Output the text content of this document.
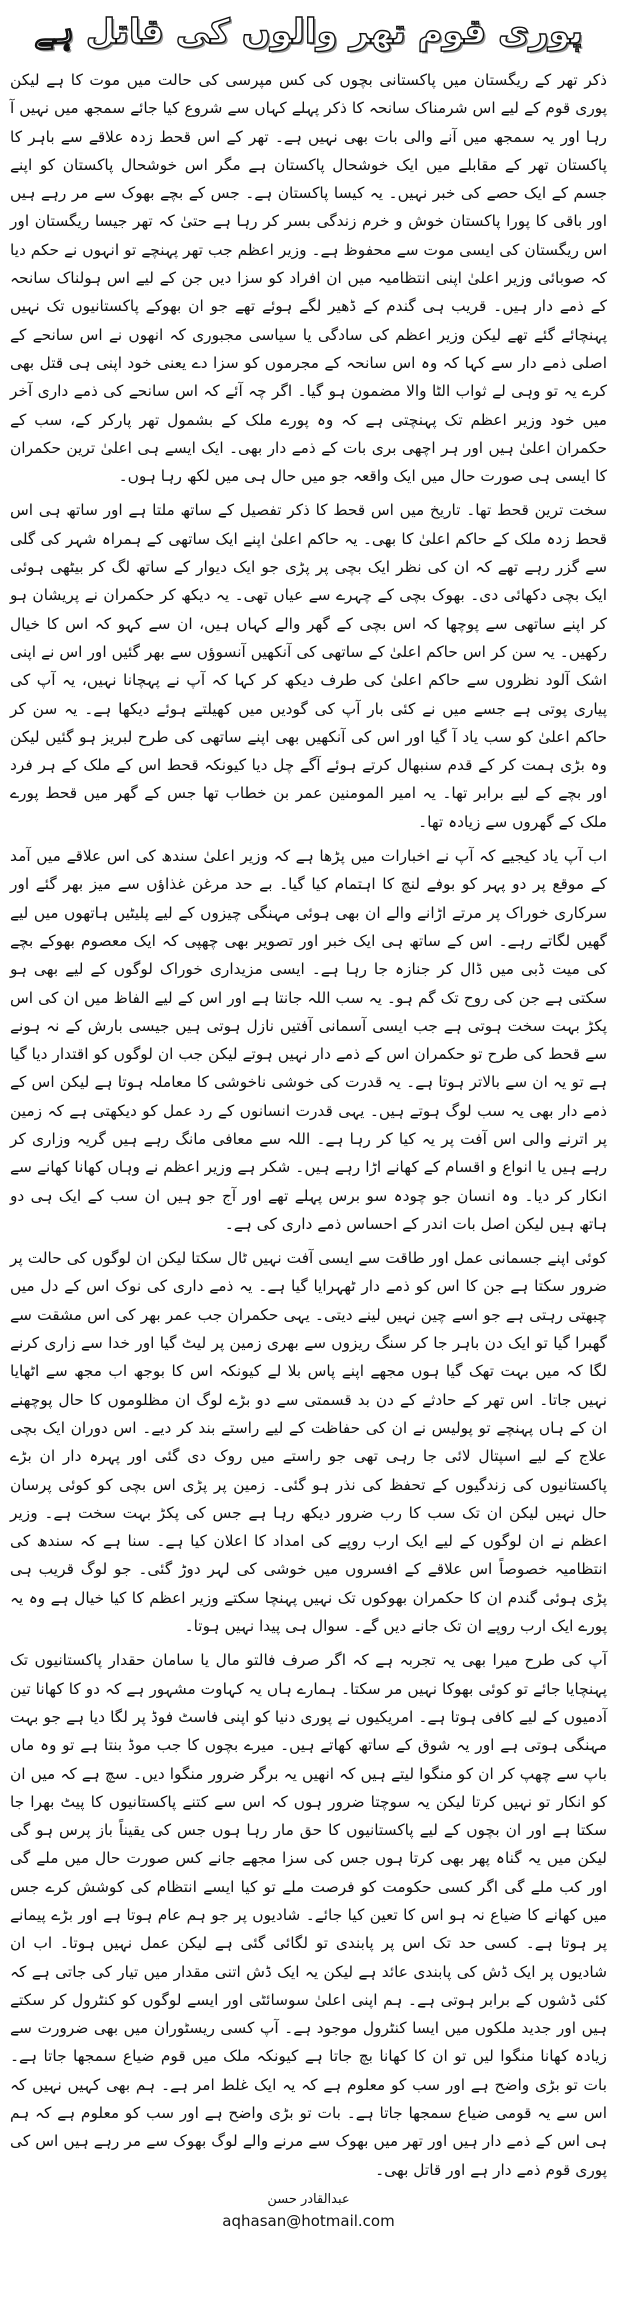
پوری قوم تھر والوں کی قاتل ہے

ذکر تھر کے ریگستان میں پاکستانی بچوں کی کس مپرسی کی حالت میں موت کا ہے لیکن پوری قوم کے لیے اس شرمناک سانحہ کا ذکر پہلے کہاں سے شروع کیا جائے سمجھ میں نہیں آ رہا اور یہ سمجھ میں آنے والی بات بھی نہیں ہے۔ تھر کے اس قحط زدہ علاقے سے باہر کا پاکستان تھر کے مقابلے میں ایک خوشحال پاکستان ہے مگر اس خوشحال پاکستان کو اپنے جسم کے ایک حصے کی خبر نہیں۔ یہ کیسا پاکستان ہے۔ جس کے بچے بھوک سے مر رہے ہیں اور باقی کا پورا پاکستان خوش و خرم زندگی بسر کر رہا ہے حتیٰ کہ تھر جیسا ریگستان اور اس ریگستان کی ایسی موت سے محفوظ ہے۔ وزیر اعظم جب تھر پہنچے تو انہوں نے حکم دیا کہ صوبائی وزیر اعلیٰ اپنی انتظامیہ میں ان افراد کو سزا دیں جن کے لیے اس ہولناک سانحہ کے ذمے دار ہیں۔ قریب ہی گندم کے ڈھیر لگے ہوئے تھے جو ان بھوکے پاکستانیوں تک نہیں پہنچائے گئے تھے لیکن وزیر اعظم کی سادگی یا سیاسی مجبوری کہ انھوں نے اس سانحے کے اصلی ذمے دار سے کہا کہ وہ اس سانحہ کے مجرموں کو سزا دے یعنی خود اپنی ہی قتل بھی کرے یہ تو وہی لے ثواب الٹا والا مضمون ہو گیا۔ اگر چہ آئے کہ اس سانحے کی ذمے داری آخر میں خود وزیر اعظم تک پہنچتی ہے کہ وہ پورے ملک کے بشمول تھر پارکر کے، سب کے حکمران اعلیٰ ہیں اور ہر اچھی بری بات کے ذمے دار بھی۔ ایک ایسے ہی اعلیٰ ترین حکمران کا ایسی ہی صورت حال میں ایک واقعہ جو میں حال ہی میں لکھ رہا ہوں۔

سخت ترین قحط تھا۔ تاریخ میں اس قحط کا ذکر تفصیل کے ساتھ ملتا ہے اور ساتھ ہی اس قحط زدہ ملک کے حاکم اعلیٰ کا بھی۔ یہ حاکم اعلیٰ اپنے ایک ساتھی کے ہمراہ شہر کی گلی سے گزر رہے تھے کہ ان کی نظر ایک بچی پر پڑی جو ایک دیوار کے ساتھ لگ کر بیٹھی ہوئی ایک بچی دکھائی دی۔ بھوک بچی کے چہرے سے عیاں تھی۔ یہ دیکھ کر حکمران نے پریشان ہو کر اپنے ساتھی سے پوچھا کہ اس بچی کے گھر والے کہاں ہیں، ان سے کہو کہ اس کا خیال رکھیں۔ یہ سن کر اس حاکم اعلیٰ کے ساتھی کی آنکھیں آنسوؤں سے بھر گئیں اور اس نے اپنی اشک آلود نظروں سے حاکم اعلیٰ کی طرف دیکھ کر کہا کہ آپ نے پہچانا نہیں، یہ آپ کی پیاری پوتی ہے جسے میں نے کئی بار آپ کی گودیں میں کھیلتے ہوئے دیکھا ہے۔ یہ سن کر حاکم اعلیٰ کو سب یاد آ گیا اور اس کی آنکھیں بھی اپنے ساتھی کی طرح لبریز ہو گئیں لیکن وہ بڑی ہمت کر کے قدم سنبھال کرتے ہوئے آگے چل دیا کیونکہ قحط اس کے ملک کے ہر فرد اور بچے کے لیے برابر تھا۔ یہ امیر المومنین عمر بن خطاب تھا جس کے گھر میں قحط پورے ملک کے گھروں سے زیادہ تھا۔

اب آپ یاد کیجیے کہ آپ نے اخبارات میں پڑھا ہے کہ وزیر اعلیٰ سندھ کی اس علاقے میں آمد کے موقع پر دو پہر کو بوفے لنچ کا اہتمام کیا گیا۔ بے حد مرغن غذاؤں سے میز بھر گئے اور سرکاری خوراک پر مرتے اڑانے والے ان بھی ہوئی مہنگی چیزوں کے لیے پلیٹیں ہاتھوں میں لیے گھیں لگاتے رہے۔ اس کے ساتھ ہی ایک خبر اور تصویر بھی چھپی کہ ایک معصوم بھوکے بچے کی میت ڈبی میں ڈال کر جنازہ جا رہا ہے۔ ایسی مزیداری خوراک لوگوں کے لیے بھی ہو سکتی ہے جن کی روح تک گم ہو۔ یہ سب اللہ جانتا ہے اور اس کے لیے الفاظ میں ان کی اس پکڑ بہت سخت ہوتی ہے جب ایسی آسمانی آفتیں نازل ہوتی ہیں جیسی بارش کے نہ ہونے سے قحط کی طرح تو حکمران اس کے ذمے دار نہیں ہوتے لیکن جب ان لوگوں کو اقتدار دیا گیا ہے تو یہ ان سے بالاتر ہوتا ہے۔ یہ قدرت کی خوشی ناخوشی کا معاملہ ہوتا ہے لیکن اس کے ذمے دار بھی یہ سب لوگ ہوتے ہیں۔ یہی قدرت انسانوں کے رد عمل کو دیکھتی ہے کہ زمین پر اترنے والی اس آفت پر یہ کیا کر رہا ہے۔ اللہ سے معافی مانگ رہے ہیں گریہ وزاری کر رہے ہیں یا انواع و اقسام کے کھانے اڑا رہے ہیں۔ شکر ہے وزیر اعظم نے وہاں کھانا کھانے سے انکار کر دیا۔ وہ انسان جو چودہ سو برس پہلے تھے اور آج جو ہیں ان سب کے ایک ہی دو ہاتھ ہیں لیکن اصل بات اندر کے احساس ذمے داری کی ہے۔

کوئی اپنے جسمانی عمل اور طاقت سے ایسی آفت نہیں ٹال سکتا لیکن ان لوگوں کی حالت پر ضرور سکتا ہے جن کا اس کو ذمے دار ٹھہرایا گیا ہے۔ یہ ذمے داری کی نوک اس کے دل میں چبھتی رہتی ہے جو اسے چین نہیں لینے دیتی۔ یہی حکمران جب عمر بھر کی اس مشقت سے گھبرا گیا تو ایک دن باہر جا کر سنگ ریزوں سے بھری زمین پر لیٹ گیا اور خدا سے زاری کرنے لگا کہ میں بہت تھک گیا ہوں مجھے اپنے پاس بلا لے کیونکہ اس کا بوجھ اب مجھ سے اٹھایا نہیں جاتا۔ اس تھر کے حادثے کے دن بد قسمتی سے دو بڑے لوگ ان مظلوموں کا حال پوچھنے ان کے ہاں پہنچے تو پولیس نے ان کی حفاظت کے لیے راستے بند کر دیے۔ اس دوران ایک بچی علاج کے لیے اسپتال لائی جا رہی تھی جو راستے میں روک دی گئی اور پہرہ دار ان بڑے پاکستانیوں کی زندگیوں کے تحفظ کی نذر ہو گئی۔ زمین پر پڑی اس بچی کو کوئی پرسان حال نہیں لیکن ان تک سب کا رب ضرور دیکھ رہا ہے جس کی پکڑ بہت سخت ہے۔ وزیر اعظم نے ان لوگوں کے لیے ایک ارب روپے کی امداد کا اعلان کیا ہے۔ سنا ہے کہ سندھ کی انتظامیہ خصوصاً اس علاقے کے افسروں میں خوشی کی لہر دوڑ گئی۔ جو لوگ قریب ہی پڑی ہوئی گندم ان کا حکمران بھوکوں تک نہیں پہنچا سکتے وزیر اعظم کا کیا خیال ہے وہ یہ پورے ایک ارب روپے ان تک جانے دیں گے۔ سوال ہی پیدا نہیں ہوتا۔

آپ کی طرح میرا بھی یہ تجربہ ہے کہ اگر صرف فالتو مال یا سامان حقدار پاکستانیوں تک پہنچایا جائے تو کوئی بھوکا نہیں مر سکتا۔ ہمارے ہاں یہ کہاوت مشہور ہے کہ دو کا کھانا تین آدمیوں کے لیے کافی ہوتا ہے۔ امریکیوں نے پوری دنیا کو اپنی فاسٹ فوڈ پر لگا دیا ہے جو بہت مہنگی ہوتی ہے اور یہ شوق کے ساتھ کھاتے ہیں۔ میرے بچوں کا جب موڈ بنتا ہے تو وہ ماں باپ سے چھپ کر ان کو منگوا لیتے ہیں کہ انھیں یہ برگر ضرور منگوا دیں۔ سچ ہے کہ میں ان کو انکار تو نہیں کرتا لیکن یہ سوچتا ضرور ہوں کہ اس سے کتنے پاکستانیوں کا پیٹ بھرا جا سکتا ہے اور ان بچوں کے لیے پاکستانیوں کا حق مار رہا ہوں جس کی یقیناً باز پرس ہو گی لیکن میں یہ گناہ پھر بھی کرتا ہوں جس کی سزا مجھے جانے کس صورت حال میں ملے گی اور کب ملے گی اگر کسی حکومت کو فرصت ملے تو کیا ایسے انتظام کی کوشش کرے جس میں کھانے کا ضیاع نہ ہو اس کا تعین کیا جائے۔ شادیوں پر جو ہم عام ہوتا ہے اور بڑے پیمانے پر ہوتا ہے۔ کسی حد تک اس پر پابندی تو لگائی گئی ہے لیکن عمل نہیں ہوتا۔ اب ان شادیوں پر ایک ڈش کی پابندی عائد ہے لیکن یہ ایک ڈش اتنی مقدار میں تیار کی جاتی ہے کہ کئی ڈشوں کے برابر ہوتی ہے۔ ہم اپنی اعلیٰ سوسائٹی اور ایسے لوگوں کو کنٹرول کر سکتے ہیں اور جدید ملکوں میں ایسا کنٹرول موجود ہے۔ آپ کسی ریسٹوران میں بھی ضرورت سے زیادہ کھانا منگوا لیں تو ان کا کھانا بچ جاتا ہے کیونکہ ملک میں قوم ضیاع سمجھا جاتا ہے۔ بات تو بڑی واضح ہے اور سب کو معلوم ہے کہ یہ ایک غلط امر ہے۔ ہم بھی کہیں نہیں کہ اس سے یہ قومی ضیاع سمجھا جاتا ہے۔ بات تو بڑی واضح ہے اور سب کو معلوم ہے کہ ہم ہی اس کے ذمے دار ہیں اور تھر میں بھوک سے مرنے والے لوگ بھوک سے مر رہے ہیں اس کی پوری قوم ذمے دار ہے اور قاتل بھی۔

عبدالقادر حسن

aqhasan@hotmail.com
